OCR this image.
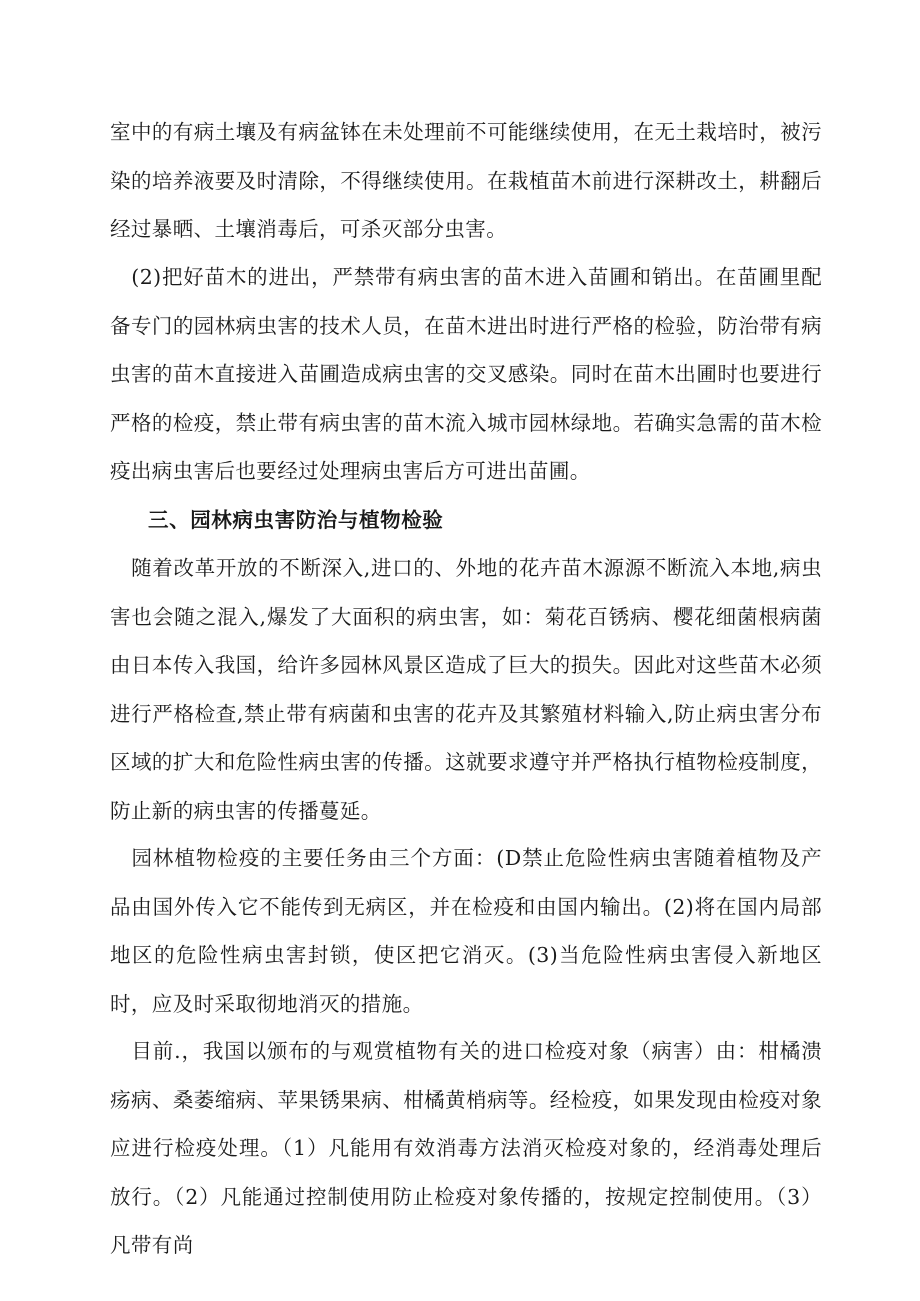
室中的有病土壤及有病盆钵在未处理前不可能继续使用，在无土栽培时，被污染的培养液要及时清除，不得继续使用。在栽植苗木前进行深耕改土，耕翻后经过暴晒、土壤消毒后，可杀灭部分虫害。

　(2)把好苗木的进出，严禁带有病虫害的苗木进入苗圃和销出。在苗圃里配备专门的园林病虫害的技术人员，在苗木进出时进行严格的检验，防治带有病虫害的苗木直接进入苗圃造成病虫害的交叉感染。同时在苗木出圃时也要进行严格的检疫，禁止带有病虫害的苗木流入城市园林绿地。若确实急需的苗木检疫出病虫害后也要经过处理病虫害后方可进出苗圃。

三、园林病虫害防治与植物检验

　随着改革开放的不断深入,进口的、外地的花卉苗木源源不断流入本地,病虫害也会随之混入,爆发了大面积的病虫害，如：菊花百锈病、樱花细菌根病菌由日本传入我国，给许多园林风景区造成了巨大的损失。因此对这些苗木必须进行严格检查,禁止带有病菌和虫害的花卉及其繁殖材料输入,防止病虫害分布区域的扩大和危险性病虫害的传播。这就要求遵守并严格执行植物检疫制度，防止新的病虫害的传播蔓延。

　园林植物检疫的主要任务由三个方面：(D禁止危险性病虫害随着植物及产品由国外传入它不能传到无病区，并在检疫和由国内输出。(2)将在国内局部地区的危险性病虫害封锁，使区把它消灭。(3)当危险性病虫害侵入新地区时，应及时采取彻地消灭的措施。

　目前.，我国以颁布的与观赏植物有关的进口检疫对象（病害）由：柑橘溃疡病、桑萎缩病、苹果锈果病、柑橘黄梢病等。经检疫，如果发现由检疫对象应进行检疫处理。（1）凡能用有效消毒方法消灭检疫对象的，经消毒处理后放行。（2）凡能通过控制使用防止检疫对象传播的，按规定控制使用。（3）凡带有尚
